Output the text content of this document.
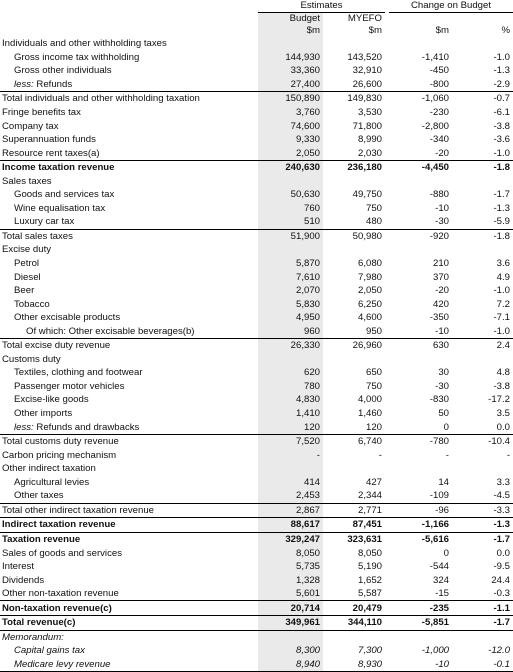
	Estimates			Change on Budget	
	Budget	MYEFO			
	$m	$m		$m	%
Individuals and other withholding taxes					
Gross income tax withholding	144,930	143,520		-1,410	-1.0
Gross other individuals	33,360	32,910		-450	-1.3
less: Refunds	27,400	26,600		-800	-2.9
Total individuals and other withholding taxation	150,890	149,830		-1,060	-0.7
Fringe benefits tax	3,760	3,530		-230	-6.1
Company tax	74,600	71,800		-2,800	-3.8
Superannuation funds	9,330	8,990		-340	-3.6
Resource rent taxes(a)	2,050	2,030		-20	-1.0
Income taxation revenue	240,630	236,180		-4,450	-1.8
Sales taxes					
Goods and services tax	50,630	49,750		-880	-1.7
Wine equalisation tax	760	750		-10	-1.3
Luxury car tax	510	480		-30	-5.9
Total sales taxes	51,900	50,980		-920	-1.8
Excise duty					
Petrol	5,870	6,080		210	3.6
Diesel	7,610	7,980		370	4.9
Beer	2,070	2,050		-20	-1.0
Tobacco	5,830	6,250		420	7.2
Other excisable products	4,950	4,600		-350	-7.1
Of which: Other excisable beverages(b)	960	950		-10	-1.0
Total excise duty revenue	26,330	26,960		630	2.4
Customs duty					
Textiles, clothing and footwear	620	650		30	4.8
Passenger motor vehicles	780	750		-30	-3.8
Excise-like goods	4,830	4,000		-830	-17.2
Other imports	1,410	1,460		50	3.5
less: Refunds and drawbacks	120	120		0	0.0
Total customs duty revenue	7,520	6,740		-780	-10.4
Carbon pricing mechanism	-	-		-	-
Other indirect taxation					
Agricultural levies	414	427		14	3.3
Other taxes	2,453	2,344		-109	-4.5
Total other indirect taxation revenue	2,867	2,771		-96	-3.3
Indirect taxation revenue	88,617	87,451		-1,166	-1.3
Taxation revenue	329,247	323,631		-5,616	-1.7
Sales of goods and services	8,050	8,050		0	0.0
Interest	5,735	5,190		-544	-9.5
Dividends	1,328	1,652		324	24.4
Other non-taxation revenue	5,601	5,587		-15	-0.3
Non-taxation revenue(c)	20,714	20,479		-235	-1.1
Total revenue(c)	349,961	344,110		-5,851	-1.7
Memorandum:					
Capital gains tax	8,300	7,300		-1,000	-12.0
Medicare levy revenue	8,940	8,930		-10	-0.1
